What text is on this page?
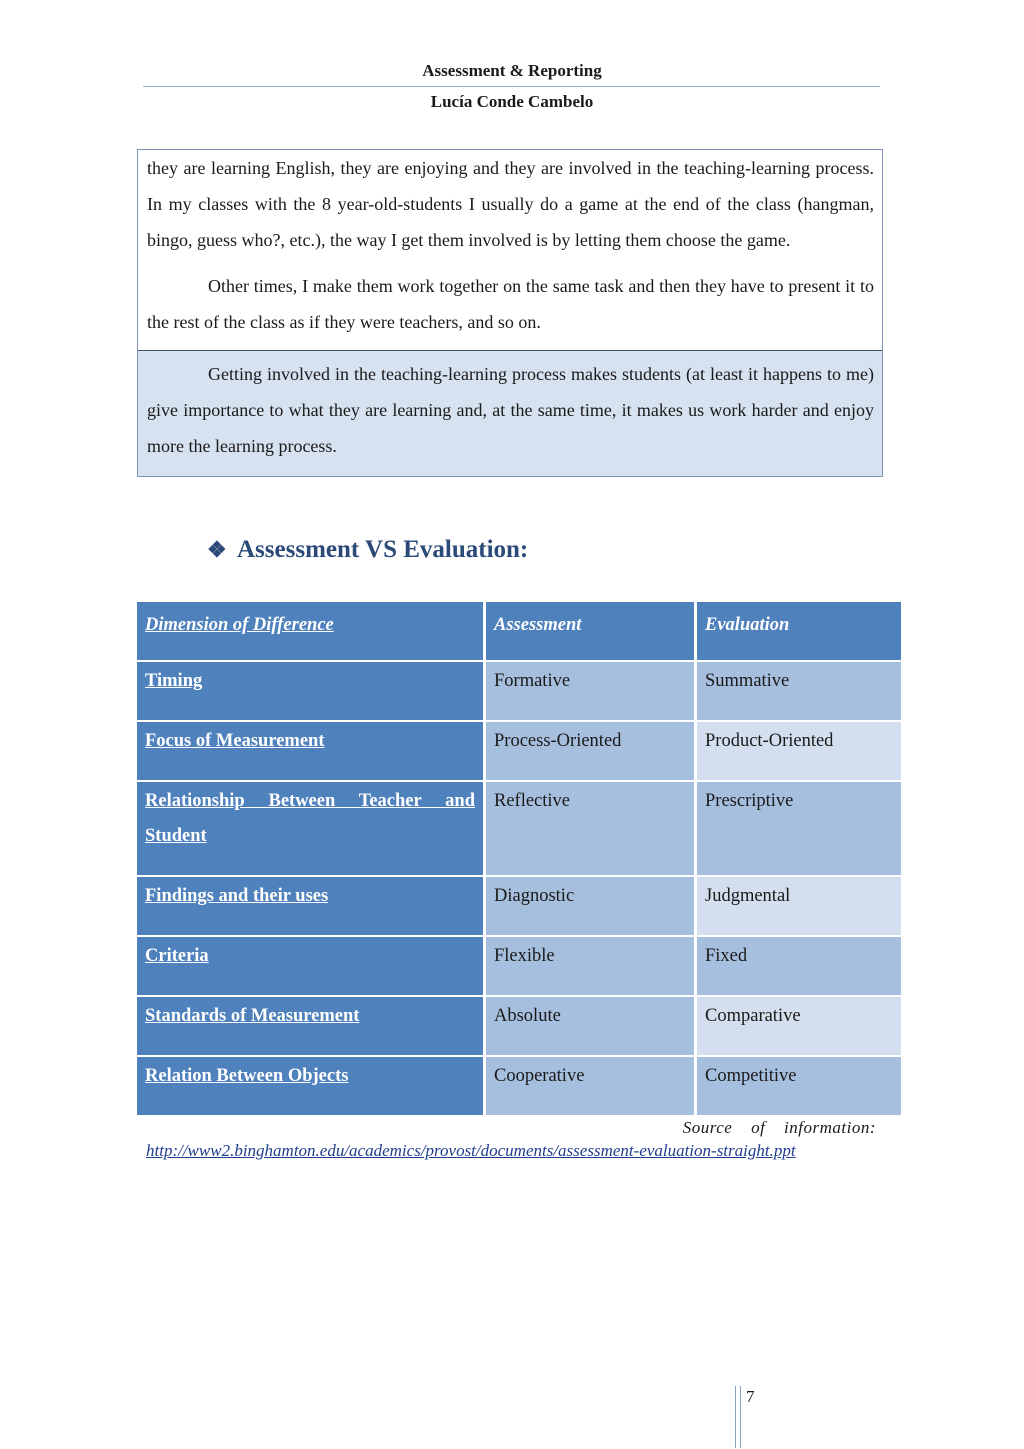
Assessment & Reporting
Lucía Conde Cambelo

they are learning English, they are enjoying and they are involved in the teaching-learning process. In my classes with the 8 year-old-students I usually do a game at the end of the class (hangman, bingo, guess who?, etc.), the way I get them involved is by letting them choose the game.

Other times, I make them work together on the same task and then they have to present it to the rest of the class as if they were teachers, and so on.

Getting involved in the teaching-learning process makes students (at least it happens to me) give importance to what they are learning and, at the same time, it makes us work harder and enjoy more the learning process.

❖ Assessment VS Evaluation:
Dimension of Difference	Assessment	Evaluation
Timing	Formative	Summative
Focus of Measurement	Process-Oriented	Product-Oriented

Relationship Between Teacher and
Student	Reflective	Prescriptive
Findings and their uses	Diagnostic	Judgmental
Criteria	Flexible	Fixed
Standards of Measurement	Absolute	Comparative
Relation Between Objects	Cooperative	Competitive
Source of information:
http://www2.binghamton.edu/academics/provost/documents/assessment-evaluation-straight.ppt
7
